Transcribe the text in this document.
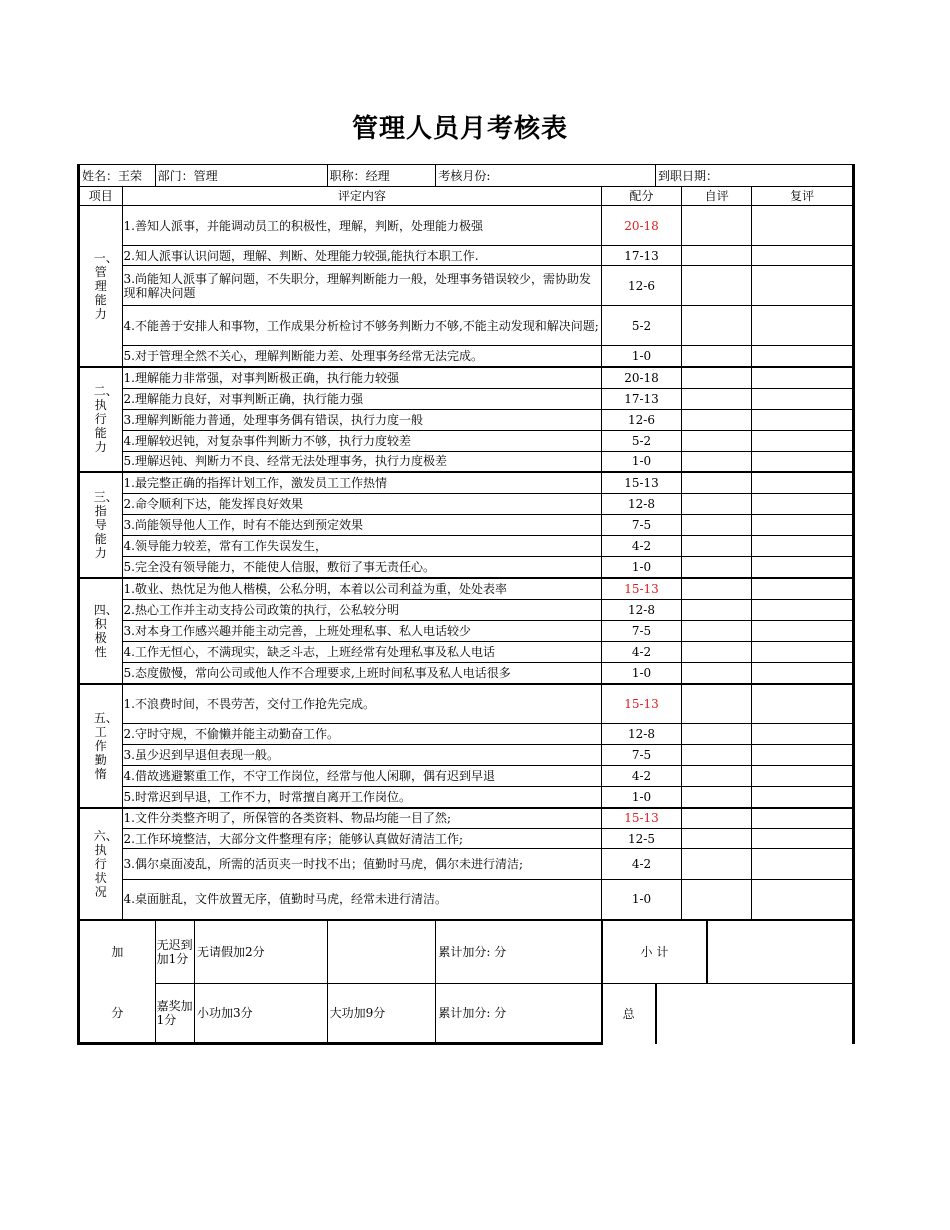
管理人员月考核表
姓名：王荣		部门：管理		职称：经理	考核月份:		到职日期：			
项目	评定内容					配分		自评		复评

一、管理能力	1.善知人派事，并能调动员工的积极性，理解，判断，处理能力极强					20-18				
	2.知人派事认识问题，理解、判断、处理能力较强,能执行本职工作.					17-13				
	3.尚能知人派事了解问题，不失职分，理解判断能力一般，处理事务错误较少，需协助发现和解决问题					12-6				
	4.不能善于安排人和事物，工作成果分析检讨不够务判断力不够,不能主动发现和解决问题;					5-2				
	5.对于管理全然不关心，理解判断能力差、处理事务经常无法完成。					1-0				

二、执行能力	1.理解能力非常强，对事判断极正确，执行能力较强					20-18				
	2.理解能力良好，对事判断正确，执行能力强					17-13				
	3.理解判断能力普通，处理事务偶有错误，执行力度一般					12-6				
	4.理解较迟钝，对复杂事件判断力不够，执行力度较差					5-2				
	5.理解迟钝、判断力不良、经常无法处理事务，执行力度极差					1-0				

三、指导能力	1.最完整正确的指挥计划工作，激发员工工作热情					15-13				
	2.命令顺利下达，能发挥良好效果					12-8				
	3.尚能领导他人工作，时有不能达到预定效果					7-5				
	4.领导能力较差，常有工作失误发生，					4-2				
	5.完全没有领导能力，不能使人信服，敷衍了事无责任心。					1-0				

四、积极性	1.敬业、热忱足为他人楷模，公私分明，本着以公司利益为重，处处表率					15-13				
	2.热心工作并主动支持公司政策的执行，公私较分明					12-8				
	3.对本身工作感兴趣并能主动完善，上班处理私事、私人电话较少					7-5				
	4.工作无恒心，不满现实，缺乏斗志，上班经常有处理私事及私人电话					4-2				
	5.态度傲慢，常向公司或他人作不合理要求,上班时间私事及私人电话很多					1-0				

五、工作勤惰	1.不浪费时间，不畏劳苦，交付工作抢先完成。					15-13				
	2.守时守规，不偷懒并能主动勤奋工作。					12-8				
	3.虽少迟到早退但表现一般。					7-5				
	4.借故逃避繁重工作，不守工作岗位，经常与他人闲聊，偶有迟到早退					4-2				
	5.时常迟到早退，工作不力，时常擅自离开工作岗位。					1-0				

六、执行状况	1.文件分类整齐明了，所保管的各类资料、物品均能一目了然;					15-13				
	2.工作环境整洁，大部分文件整理有序；能够认真做好清洁工作;					12-5				
	3.偶尔桌面凌乱，所需的活页夹一时找不出；值勤时马虎，偶尔未进行清洁;					4-2				
	4.桌面脏乱，文件放置无序，值勤时马虎，经常未进行清洁。					1-0				
加		无迟到加1分	无请假加2分		累计加分: 分	小 计				
分		嘉奖加1分	小功加3分	大功加9分	累计加分: 分	总				
